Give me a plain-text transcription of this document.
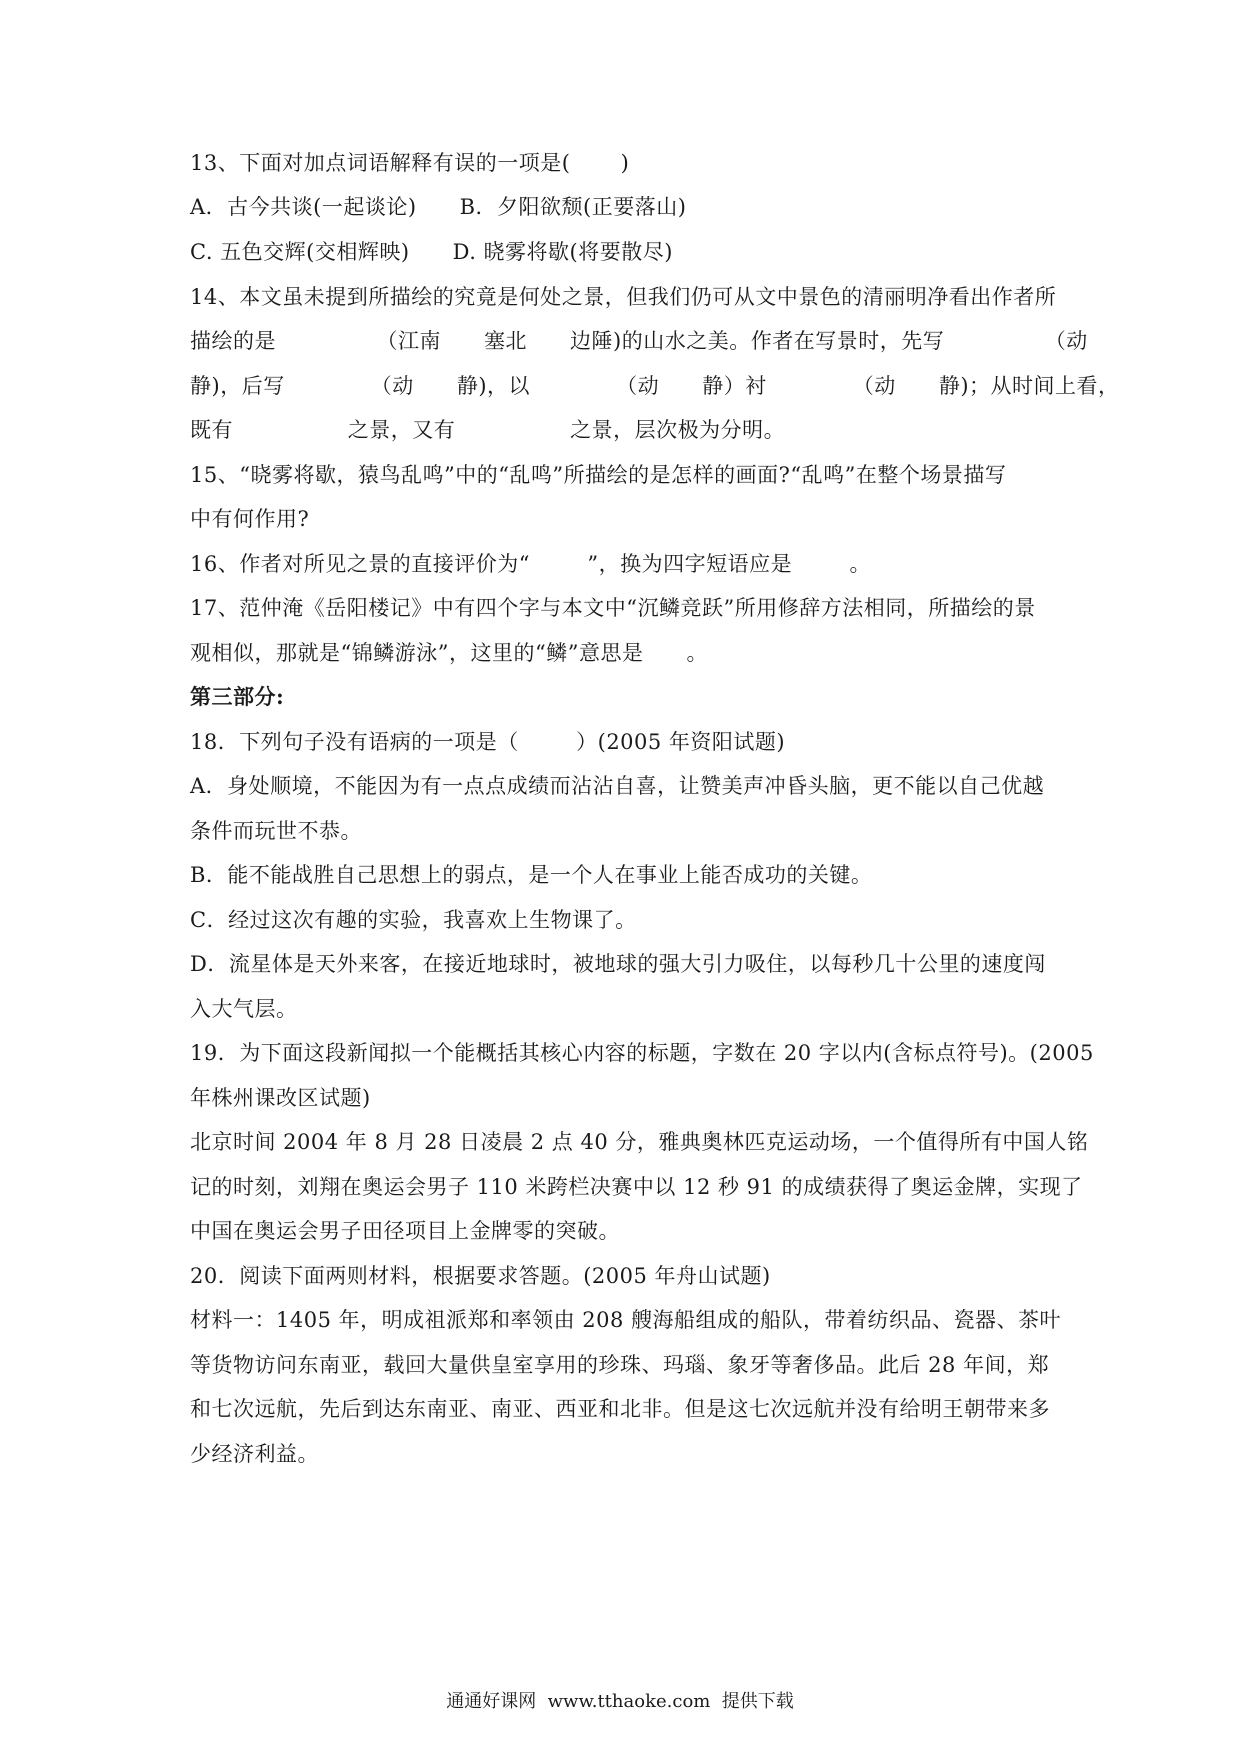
13、下面对加点词语解释有误的一项是(       )
A．古今共谈(一起谈论)      B．夕阳欲颓(正要落山)
C. 五色交辉(交相辉映)      D. 晓雾将歇(将要散尽)
14、本文虽未提到所描绘的究竟是何处之景，但我们仍可从文中景色的清丽明净看出作者所
描绘的是              （江南      塞北      边陲)的山水之美。作者在写景时，先写              （动
静)，后写            （动      静)，以            （动      静）衬            （动      静)；从时间上看，
既有                之景，又有                之景，层次极为分明。
15、“晓雾将歇，猿鸟乱鸣”中的“乱鸣”所描绘的是怎样的画面?“乱鸣”在整个场景描写
中有何作用?
16、作者对所见之景的直接评价为“        ”，换为四字短语应是        。
17、范仲淹《岳阳楼记》中有四个字与本文中“沉鳞竞跃”所用修辞方法相同，所描绘的景
观相似，那就是“锦鳞游泳”，这里的“鳞”意思是      。
第三部分:
18．下列句子没有语病的一项是（        ）(2005 年资阳试题)
A．身处顺境，不能因为有一点点成绩而沾沾自喜，让赞美声冲昏头脑，更不能以自己优越
条件而玩世不恭。
B．能不能战胜自己思想上的弱点，是一个人在事业上能否成功的关键。
C．经过这次有趣的实验，我喜欢上生物课了。
D．流星体是天外来客，在接近地球时，被地球的强大引力吸住，以每秒几十公里的速度闯
入大气层。
19．为下面这段新闻拟一个能概括其核心内容的标题，字数在 20 字以内(含标点符号)。(2005
年株州课改区试题)
北京时间 2004 年 8 月 28 日凌晨 2 点 40 分，雅典奥林匹克运动场，一个值得所有中国人铭
记的时刻，刘翔在奥运会男子 110 米跨栏决赛中以 12 秒 91 的成绩获得了奥运金牌，实现了
中国在奥运会男子田径项目上金牌零的突破。
20．阅读下面两则材料，根据要求答题。(2005 年舟山试题)
材料一：1405 年，明成祖派郑和率领由 208 艘海船组成的船队，带着纺织品、瓷器、茶叶
等货物访问东南亚，载回大量供皇室享用的珍珠、玛瑙、象牙等奢侈品。此后 28 年间，郑
和七次远航，先后到达东南亚、南亚、西亚和北非。但是这七次远航并没有给明王朝带来多
少经济利益。
通通好课网  www.tthaoke.com  提供下载
